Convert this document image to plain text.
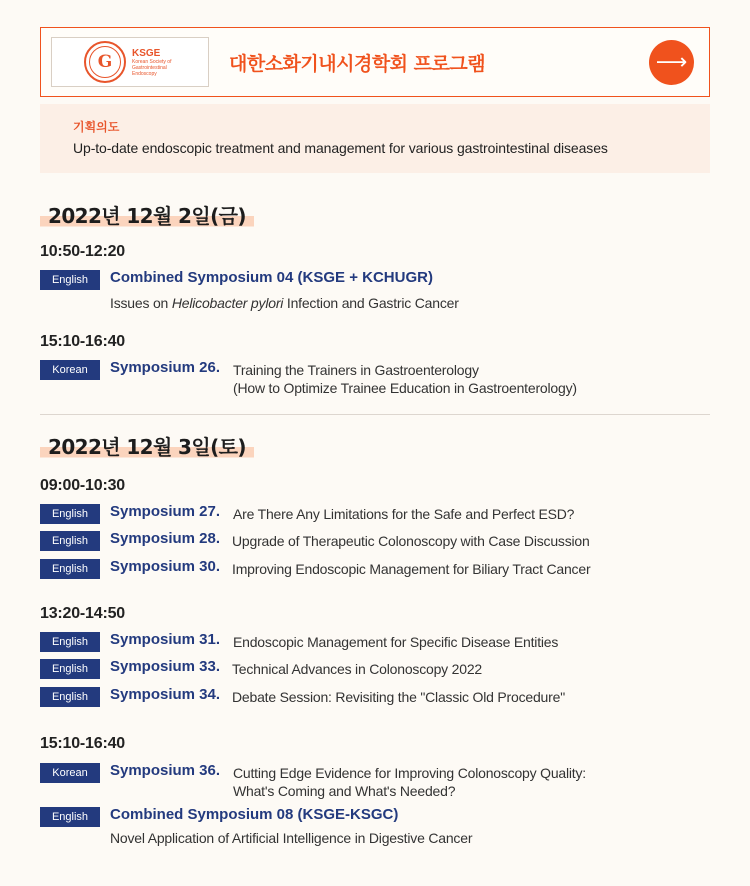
G	KSGE
Korean Society of Gastrointestinal Endoscopy	대한소화기내시경학회 프로그램	⟶
기획의도
Up-to-date endoscopic treatment and management for various gastrointestinal diseases
2022년 12월 2일(금)
10:50-12:20
English	Combined Symposium 04 (KSGE + KCHUGR)
Issues on Helicobacter pylori Infection and Gastric Cancer
15:10-16:40
Korean	Symposium 26. Training the Trainers in Gastroenterology
(How to Optimize Trainee Education in Gastroenterology)
2022년 12월 3일(토)
09:00-10:30
English	Symposium 27. Are There Any Limitations for the Safe and Perfect ESD?
English	Symposium 28. Upgrade of Therapeutic Colonoscopy with Case Discussion
English	Symposium 30. Improving Endoscopic Management for Biliary Tract Cancer
13:20-14:50
English	Symposium 31. Endoscopic Management for Specific Disease Entities
English	Symposium 33. Technical Advances in Colonoscopy 2022
English	Symposium 34. Debate Session: Revisiting the "Classic Old Procedure"
15:10-16:40
Korean	Symposium 36. Cutting Edge Evidence for Improving Colonoscopy Quality:
What's Coming and What's Needed?
English	Combined Symposium 08 (KSGE-KSGC)
Novel Application of Artificial Intelligence in Digestive Cancer
